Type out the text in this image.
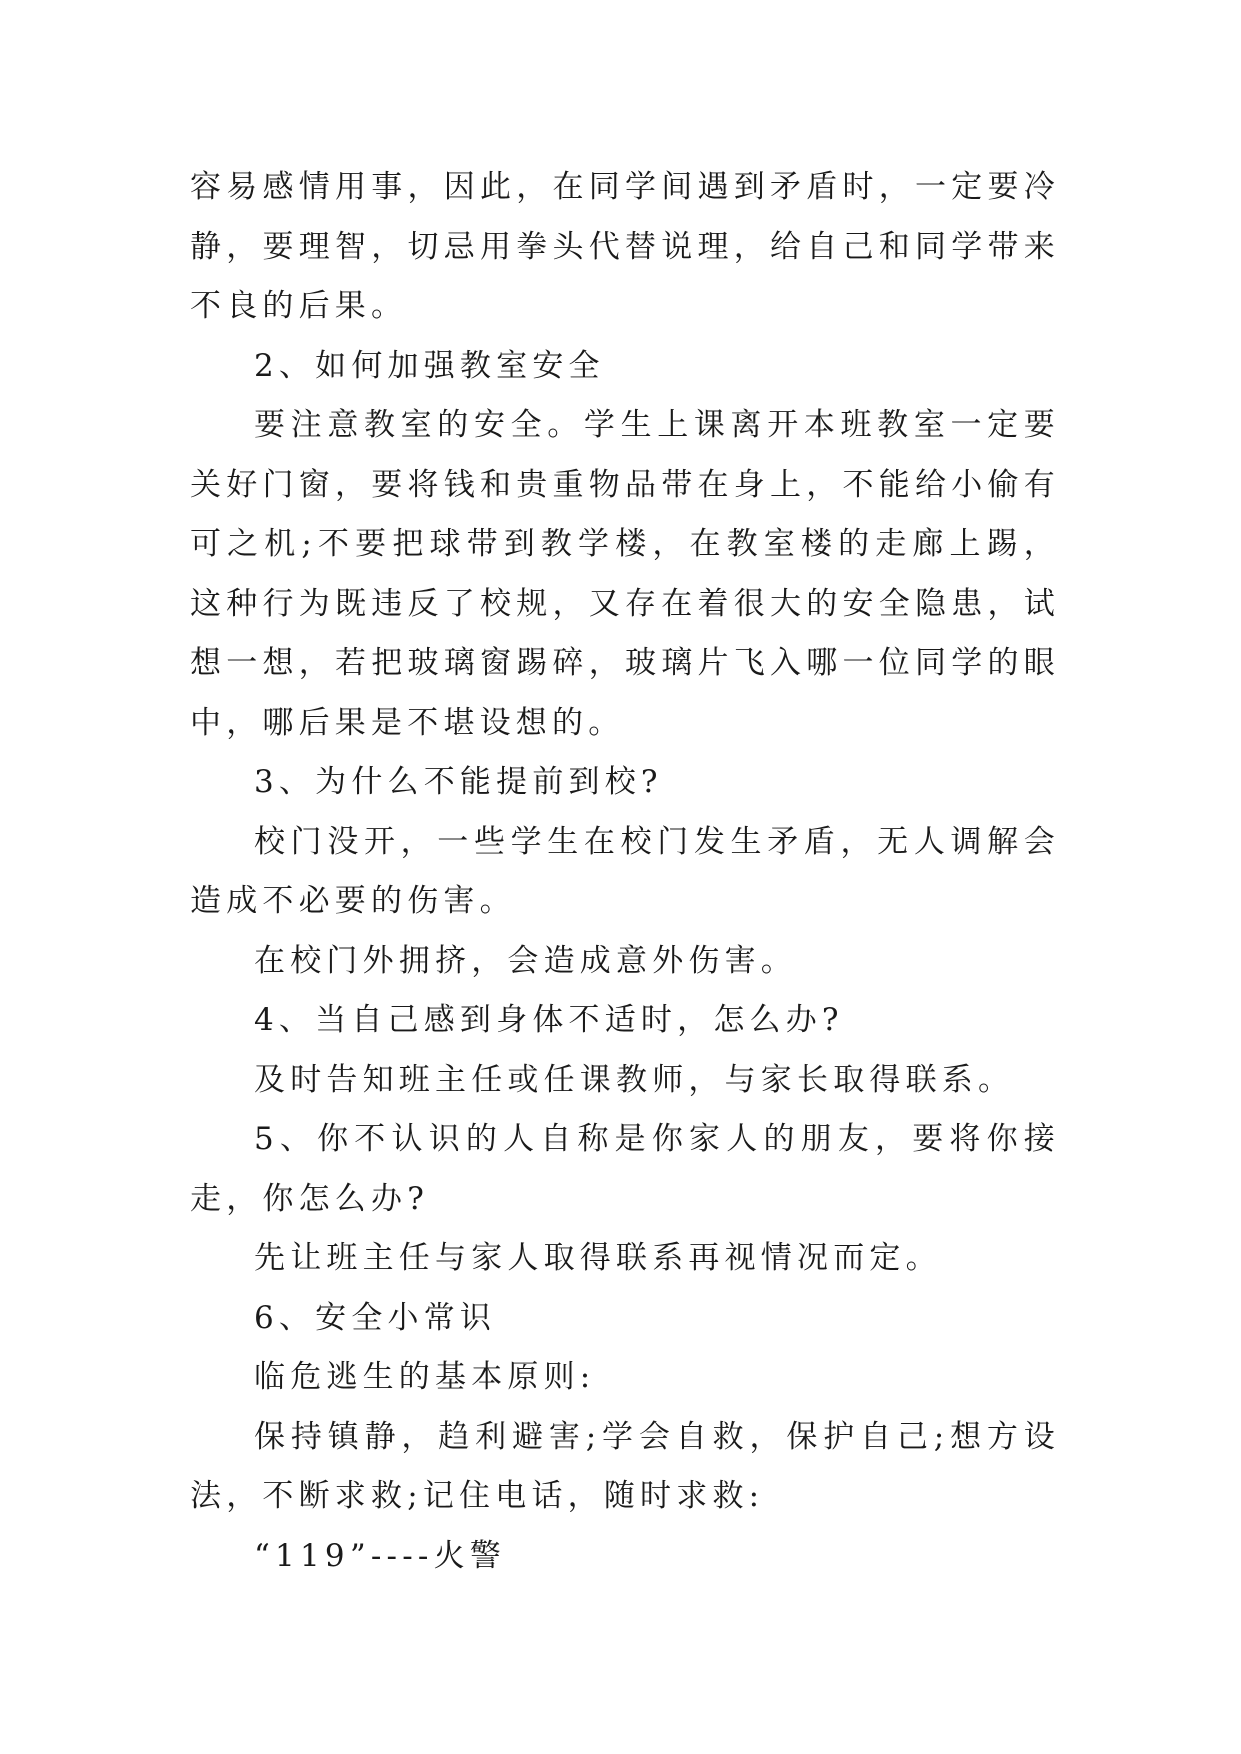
容易感情用事，因此，在同学间遇到矛盾时，一定要冷静，要理智，切忌用拳头代替说理，给自己和同学带来不良的后果。

2、如何加强教室安全

要注意教室的安全。学生上课离开本班教室一定要关好门窗，要将钱和贵重物品带在身上，不能给小偷有可之机;不要把球带到教学楼，在教室楼的走廊上踢，这种行为既违反了校规，又存在着很大的安全隐患，试想一想，若把玻璃窗踢碎，玻璃片飞入哪一位同学的眼中，哪后果是不堪设想的。

3、为什么不能提前到校?

校门没开，一些学生在校门发生矛盾，无人调解会造成不必要的伤害。

在校门外拥挤，会造成意外伤害。

4、当自己感到身体不适时，怎么办?

及时告知班主任或任课教师，与家长取得联系。

5、你不认识的人自称是你家人的朋友，要将你接走，你怎么办?

先让班主任与家人取得联系再视情况而定。

6、安全小常识

临危逃生的基本原则:

保持镇静，趋利避害;学会自救，保护自己;想方设法，不断求救;记住电话，随时求救:

“119”----火警
